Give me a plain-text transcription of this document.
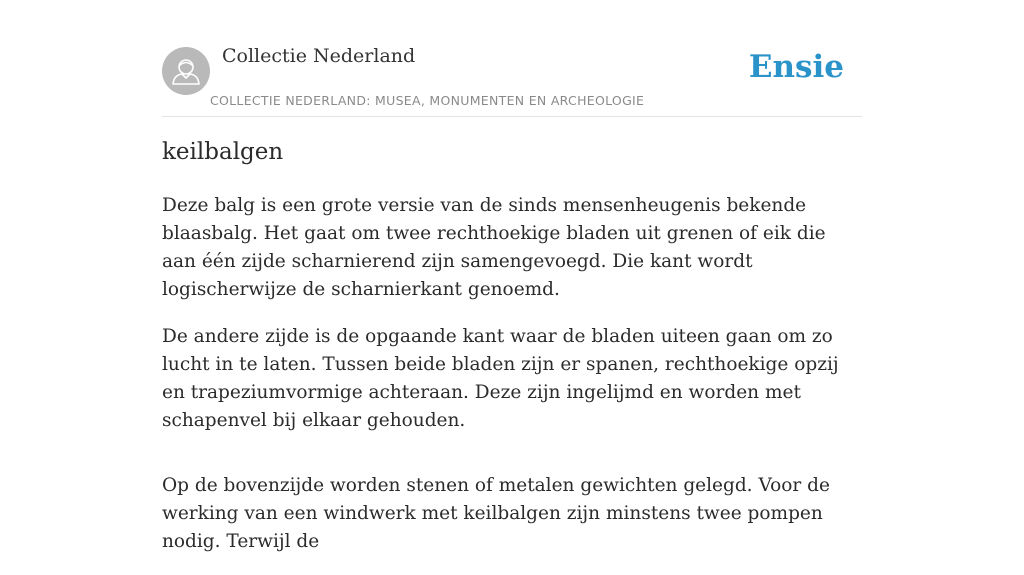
Collectie Nederland
COLLECTIE NEDERLAND: MUSEA, MONUMENTEN EN ARCHEOLOGIE
Ensie
keilbalgen

Deze balg is een grote versie van de sinds mensenheugenis bekende blaasbalg. Het gaat om twee rechthoekige bladen uit grenen of eik die aan één zijde scharnierend zijn samengevoegd. Die kant wordt logischerwijze de scharnierkant genoemd.

De andere zijde is de opgaande kant waar de bladen uiteen gaan om zo lucht in te laten. Tussen beide bladen zijn er spanen, rechthoekige opzij en trapeziumvormige achteraan. Deze zijn ingelijmd en worden met schapenvel bij elkaar gehouden.

Op de bovenzijde worden stenen of metalen gewichten gelegd. Voor de werking van een windwerk met keilbalgen zijn minstens twee pompen nodig. Terwijl de
